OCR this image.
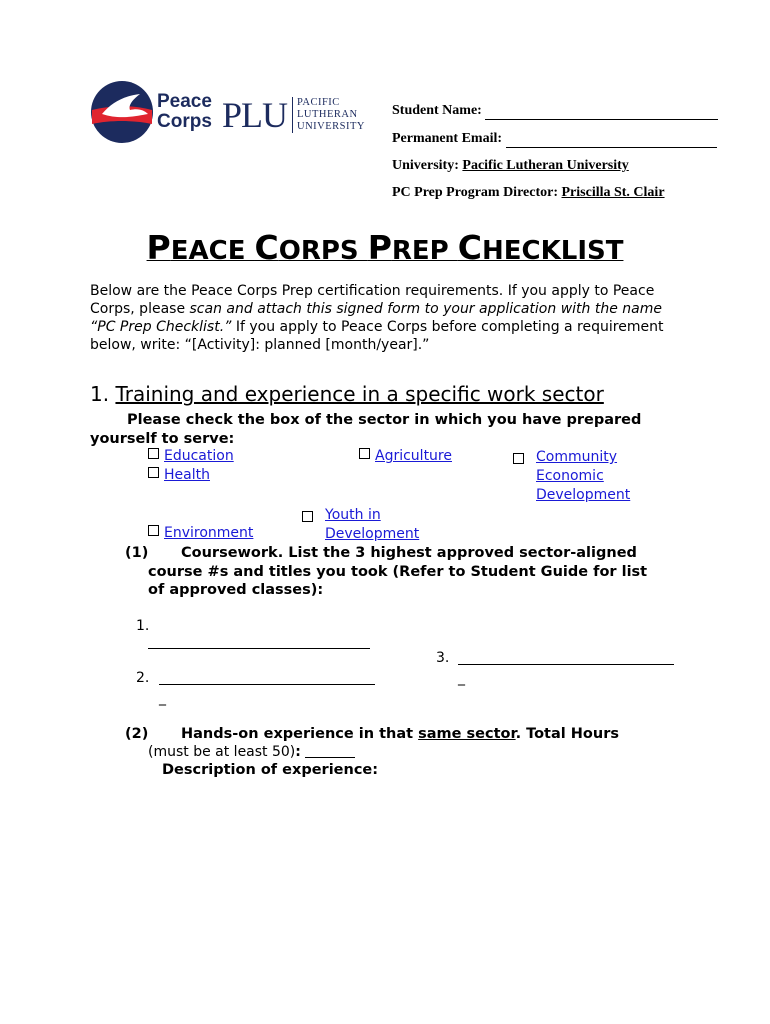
Peace
Corps PLU PACIFIC
LUTHERAN
UNIVERSITY
Student Name:
Permanent Email:
University: Pacific Lutheran University
PC Prep Program Director: Priscilla St. Clair
PEACE CORPS PREP CHECKLIST
Below are the Peace Corps Prep certification requirements. If you apply to Peace Corps, please scan and attach this signed form to your application with the name “PC Prep Checklist.” If you apply to Peace Corps before completing a requirement below, write: “[Activity]: planned [month/year].”
1. Training and experience in a specific work sector
Please check the box of the sector in which you have prepared
yourself to serve:
Education
Health
Agriculture	Community
Economic
Development
Youth in
Development
Environment
(1) Coursework. List the 3 highest approved sector-aligned
course #s and titles you took (Refer to Student Guide for list
of approved classes):
1.
3.
2.	_
_
(2) Hands-on experience in that same sector. Total Hours
(must be at least 50):
Description of experience:
